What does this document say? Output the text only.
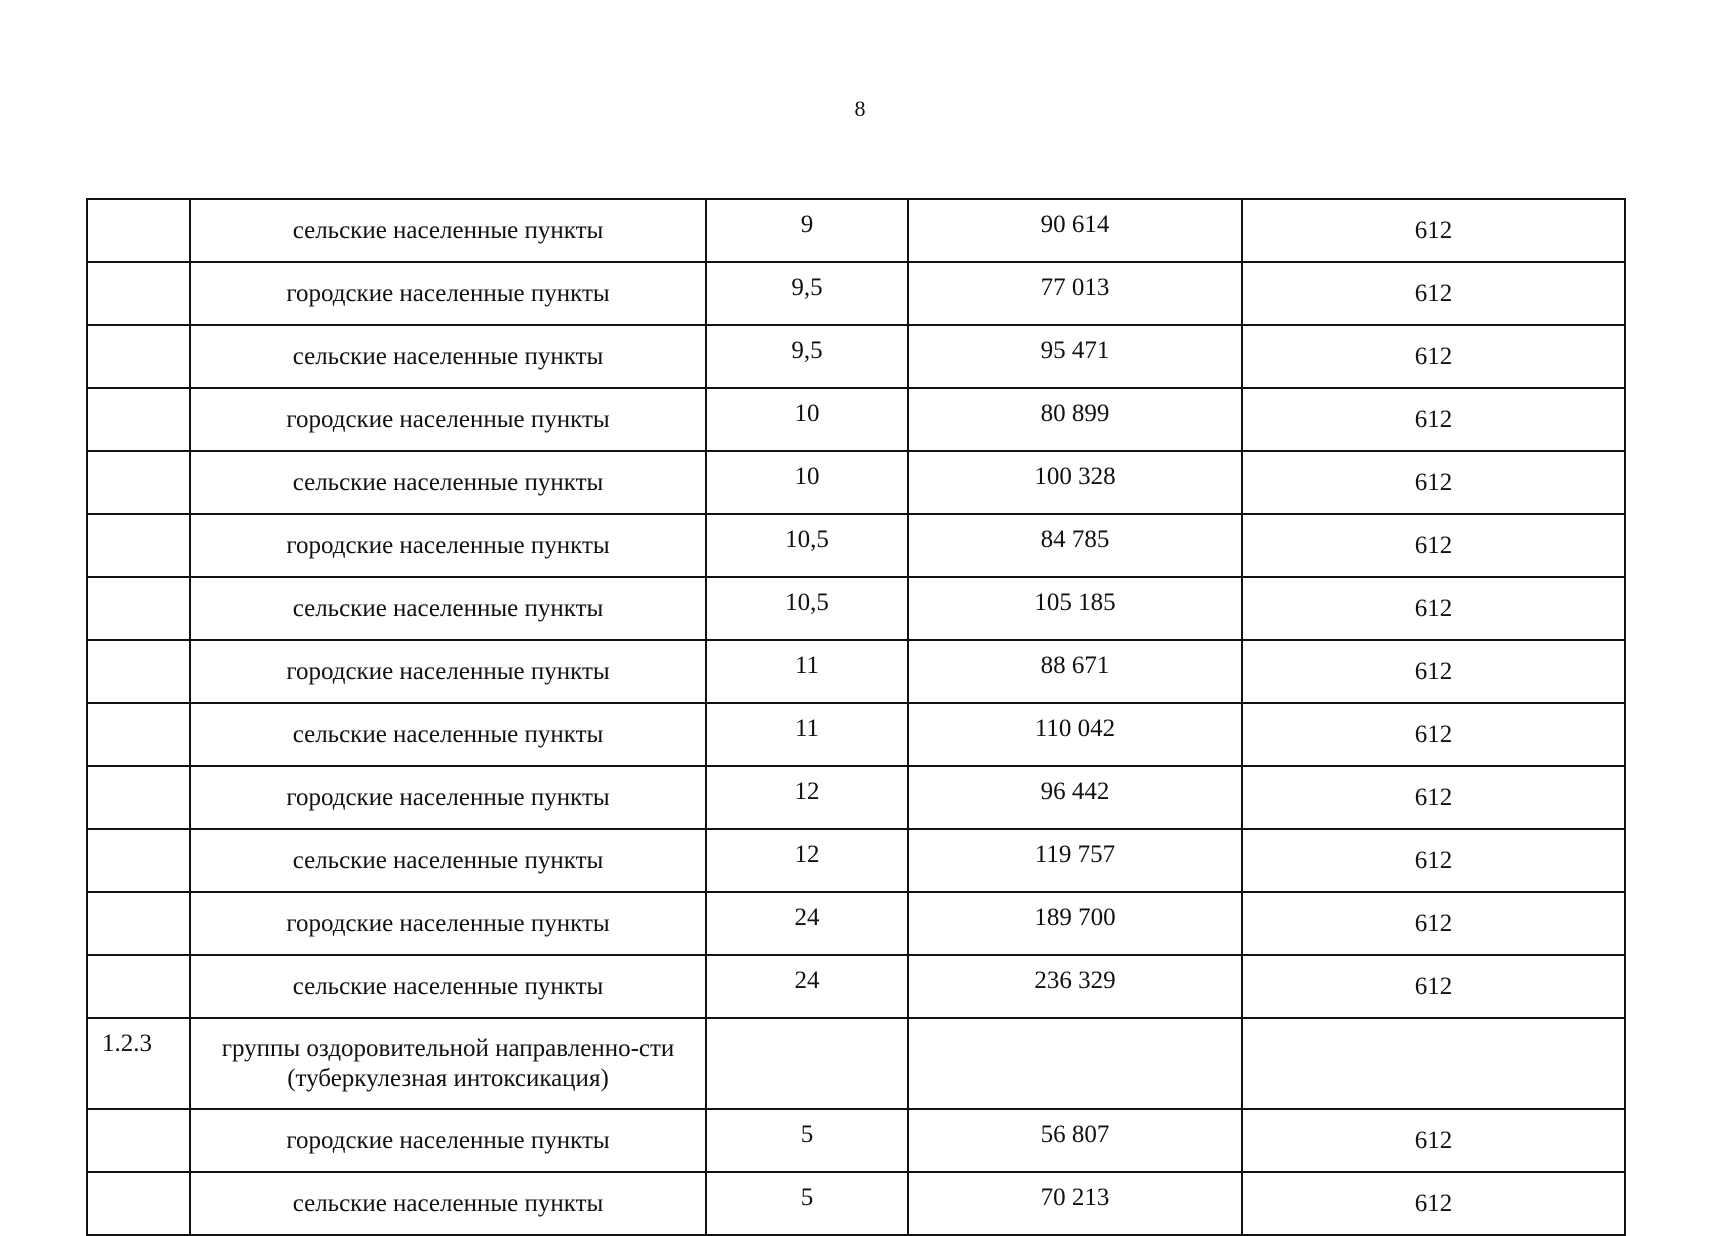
8
	сельские населенные пункты	9	90 614	612
	городские населенные пункты	9,5	77 013	612
	сельские населенные пункты	9,5	95 471	612
	городские населенные пункты	10	80 899	612
	сельские населенные пункты	10	100 328	612
	городские населенные пункты	10,5	84 785	612
	сельские населенные пункты	10,5	105 185	612
	городские населенные пункты	11	88 671	612
	сельские населенные пункты	11	110 042	612
	городские населенные пункты	12	96 442	612
	сельские населенные пункты	12	119 757	612
	городские населенные пункты	24	189 700	612
	сельские населенные пункты	24	236 329	612
1.2.3	группы оздоровительной направленно-сти (туберкулезная интоксикация)			
	городские населенные пункты	5	56 807	612
	сельские населенные пункты	5	70 213	612
